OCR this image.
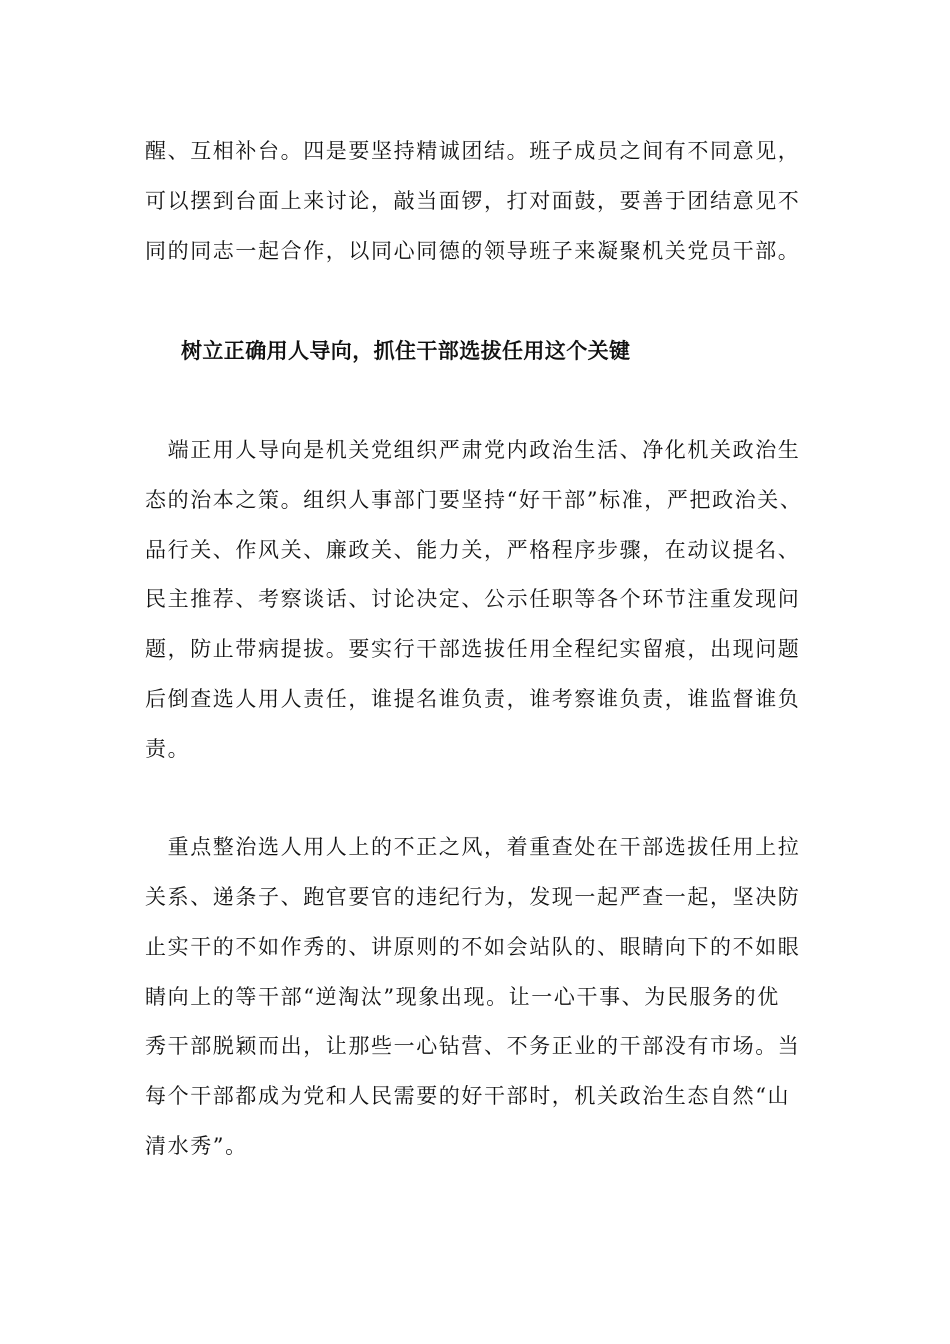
醒、互相补台。四是要坚持精诚团结。班子成员之间有不同意见，
可以摆到台面上来讨论，敲当面锣，打对面鼓，要善于团结意见不
同的同志一起合作，以同心同德的领导班子来凝聚机关党员干部。
树立正确用人导向，抓住干部选拔任用这个关键
　端正用人导向是机关党组织严肃党内政治生活、净化机关政治生
态的治本之策。组织人事部门要坚持“好干部”标准，严把政治关、
品行关、作风关、廉政关、能力关，严格程序步骤，在动议提名、
民主推荐、考察谈话、讨论决定、公示任职等各个环节注重发现问
题，防止带病提拔。要实行干部选拔任用全程纪实留痕，出现问题
后倒查选人用人责任，谁提名谁负责，谁考察谁负责，谁监督谁负
责。
　重点整治选人用人上的不正之风，着重查处在干部选拔任用上拉
关系、递条子、跑官要官的违纪行为，发现一起严查一起，坚决防
止实干的不如作秀的、讲原则的不如会站队的、眼睛向下的不如眼
睛向上的等干部“逆淘汰”现象出现。让一心干事、为民服务的优
秀干部脱颖而出，让那些一心钻营、不务正业的干部没有市场。当
每个干部都成为党和人民需要的好干部时，机关政治生态自然“山
清水秀”。
